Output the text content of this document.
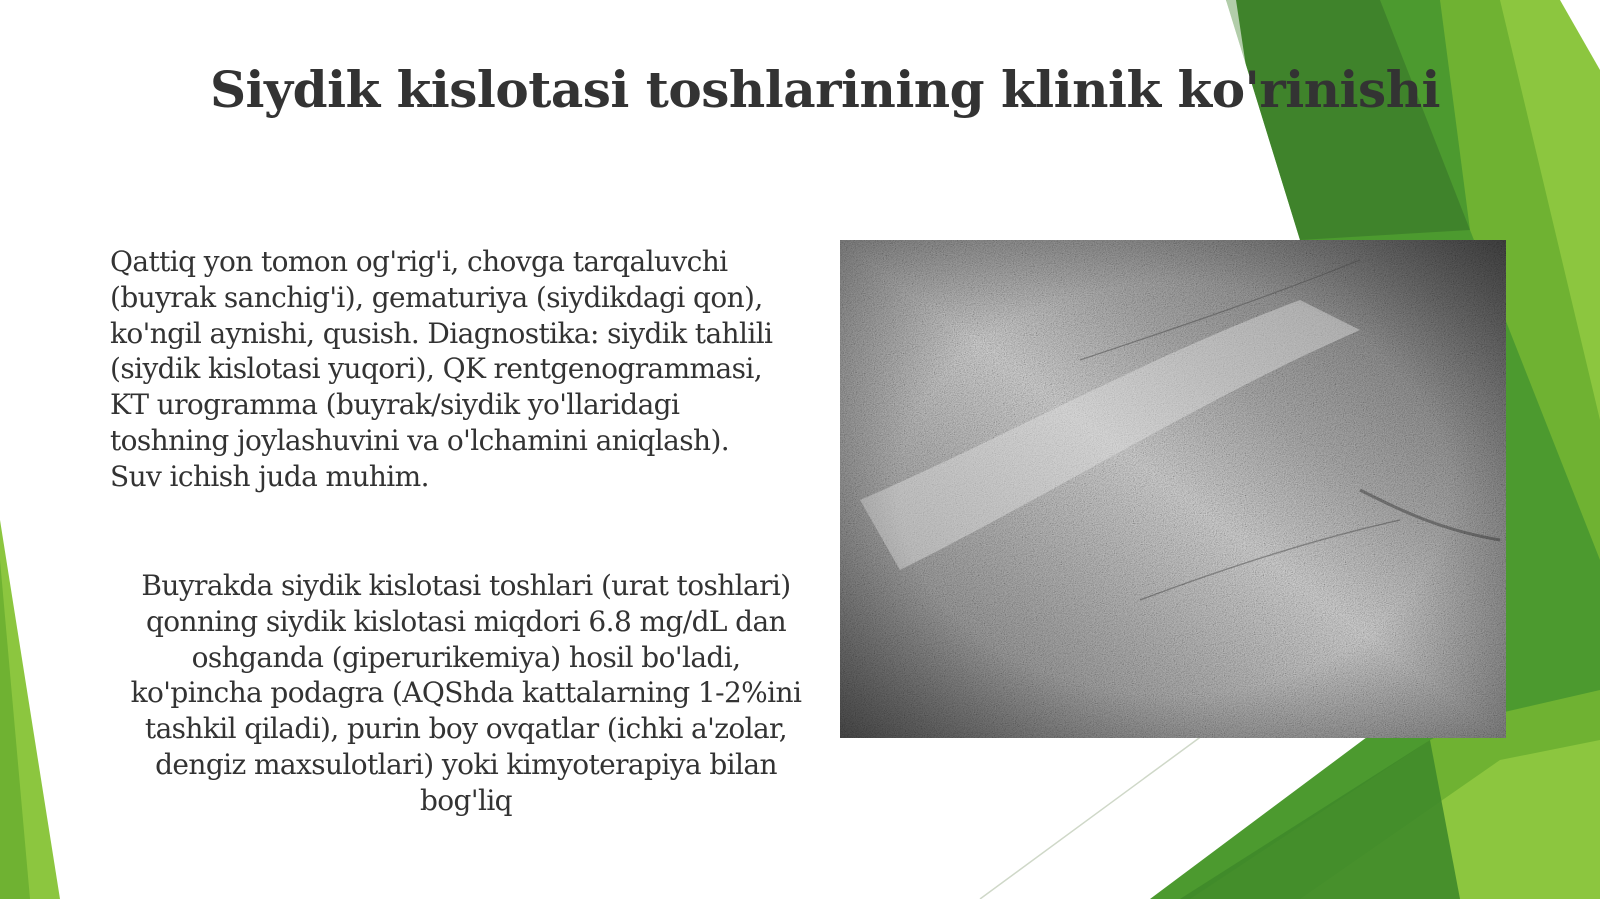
Siydik kislotasi toshlarining klinik ko'rinishi

Qattiq yon tomon og'rig'i, chovga tarqaluvchi
(buyrak sanchig'i), gematuriya (siydikdagi qon),
ko'ngil aynishi, qusish. Diagnostika: siydik tahlili
(siydik kislotasi yuqori), QK rentgenogrammasi,
KT urogramma (buyrak/siydik yo'llaridagi
toshning joylashuvini va o'lchamini aniqlash).
Suv ichish juda muhim.

Buyrakda siydik kislotasi toshlari (urat toshlari)
qonning siydik kislotasi miqdori 6.8 mg/dL dan
oshganda (giperurikemiya) hosil bo'ladi,
ko'pincha podagra (AQShda kattalarning 1-2%ini
tashkil qiladi), purin boy ovqatlar (ichki a'zolar,
dengiz maxsulotlari) yoki kimyoterapiya bilan
bog'liq
